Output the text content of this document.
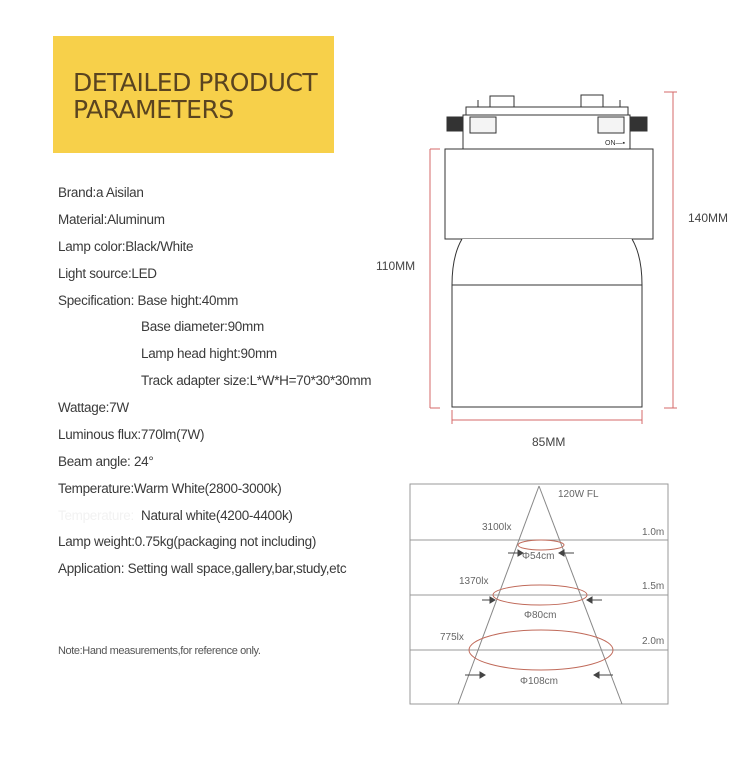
DETAILED PRODUCT
PARAMETERS
Brand:a Aisilan
Material:Aluminum
Lamp color:Black/White
Light source:LED
Specification: Base hight:40mm
Base diameter:90mm
Lamp head hight:90mm
Track adapter size:L*W*H=70*30*30mm
Wattage:7W
Luminous flux:770lm(7W)
Beam angle: 24°
Temperature:Warm White(2800-3000k)
Temperature: Natural white(4200-4400k)
Lamp weight:0.75kg(packaging not including)
Application: Setting wall space,gallery,bar,study,etc
Note:Hand measurements,for reference only.
ON—▪
140MM
110MM
85MM
120W FL
3100lx
Φ54cm
1.0m
1370lx
Φ80cm
1.5m
775lx
Φ108cm
2.0m
